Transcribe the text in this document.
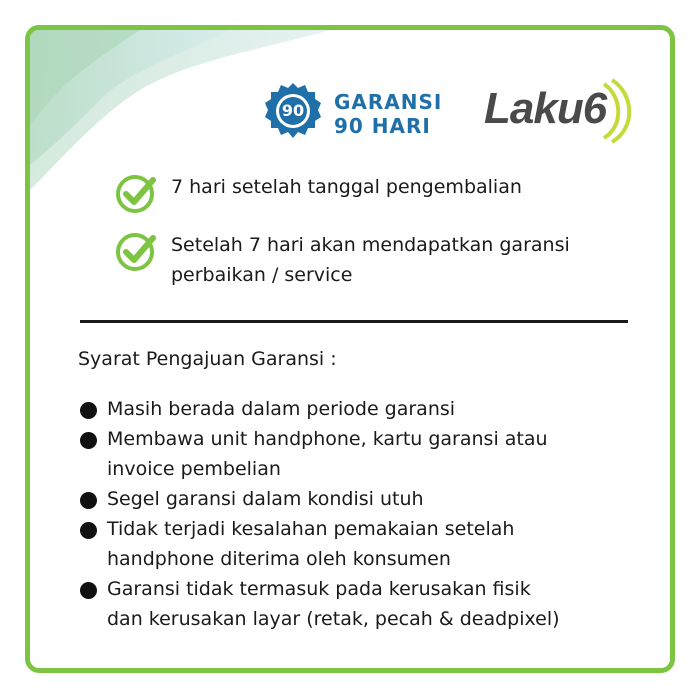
90	GARANSI
90 HARI Laku6
7 hari setelah tanggal pengembalian
Setelah 7 hari akan mendapatkan garansi
perbaikan / service
Syarat Pengajuan Garansi :
Masih berada dalam periode garansi
Membawa unit handphone, kartu garansi atau
invoice pembelian
Segel garansi dalam kondisi utuh
Tidak terjadi kesalahan pemakaian setelah
handphone diterima oleh konsumen
Garansi tidak termasuk pada kerusakan fisik
dan kerusakan layar (retak, pecah & deadpixel)
